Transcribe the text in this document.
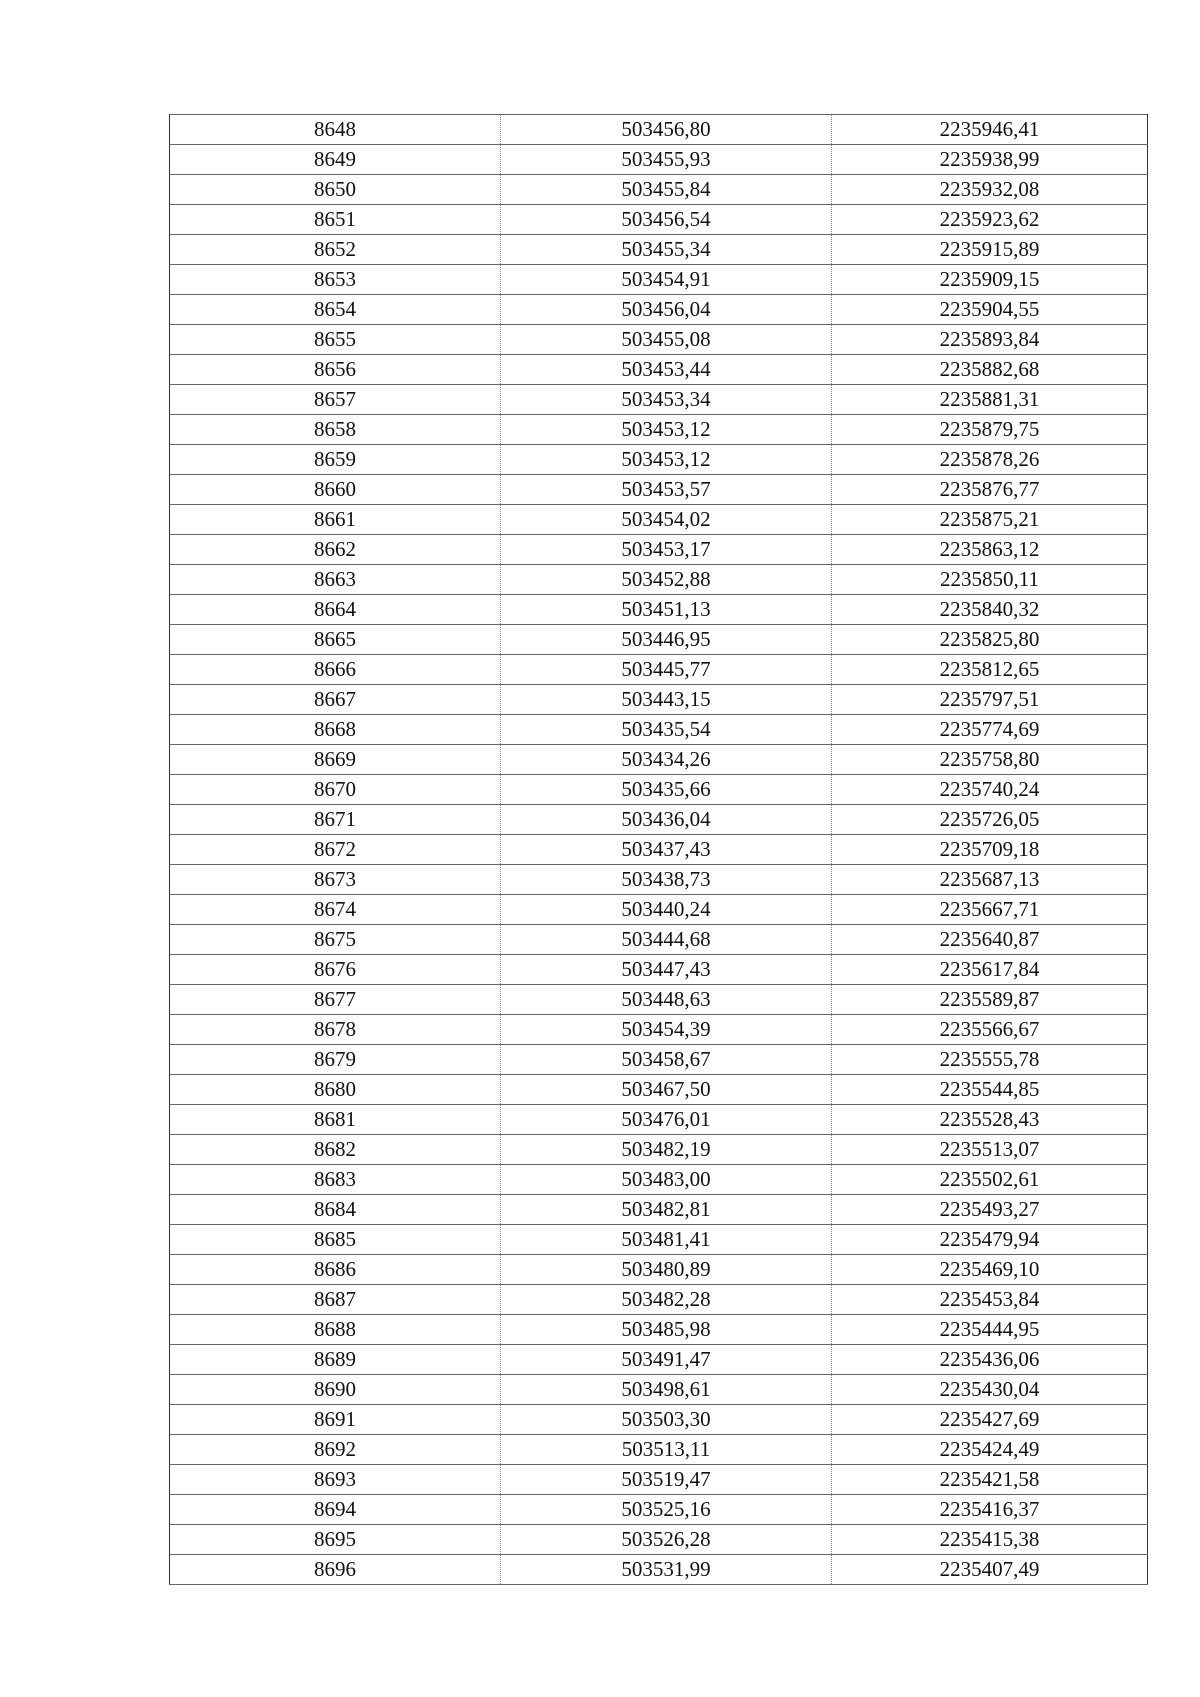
8648	503456,80	2235946,41
8649	503455,93	2235938,99
8650	503455,84	2235932,08
8651	503456,54	2235923,62
8652	503455,34	2235915,89
8653	503454,91	2235909,15
8654	503456,04	2235904,55
8655	503455,08	2235893,84
8656	503453,44	2235882,68
8657	503453,34	2235881,31
8658	503453,12	2235879,75
8659	503453,12	2235878,26
8660	503453,57	2235876,77
8661	503454,02	2235875,21
8662	503453,17	2235863,12
8663	503452,88	2235850,11
8664	503451,13	2235840,32
8665	503446,95	2235825,80
8666	503445,77	2235812,65
8667	503443,15	2235797,51
8668	503435,54	2235774,69
8669	503434,26	2235758,80
8670	503435,66	2235740,24
8671	503436,04	2235726,05
8672	503437,43	2235709,18
8673	503438,73	2235687,13
8674	503440,24	2235667,71
8675	503444,68	2235640,87
8676	503447,43	2235617,84
8677	503448,63	2235589,87
8678	503454,39	2235566,67
8679	503458,67	2235555,78
8680	503467,50	2235544,85
8681	503476,01	2235528,43
8682	503482,19	2235513,07
8683	503483,00	2235502,61
8684	503482,81	2235493,27
8685	503481,41	2235479,94
8686	503480,89	2235469,10
8687	503482,28	2235453,84
8688	503485,98	2235444,95
8689	503491,47	2235436,06
8690	503498,61	2235430,04
8691	503503,30	2235427,69
8692	503513,11	2235424,49
8693	503519,47	2235421,58
8694	503525,16	2235416,37
8695	503526,28	2235415,38
8696	503531,99	2235407,49
